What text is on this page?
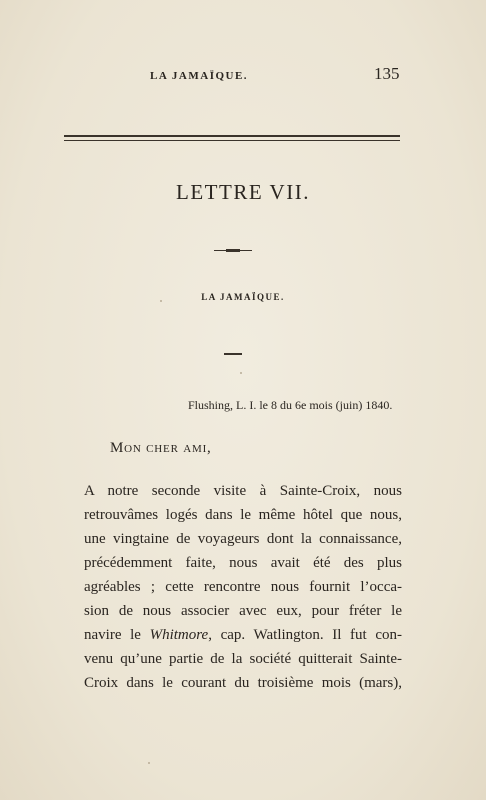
LA JAMAÏQUE.	135
LETTRE VII.
LA JAMAÏQUE.
Flushing, L. I. le 8 du 6e mois (juin) 1840.
Mon cher ami,
A notre seconde visite à Sainte-Croix, nous
retrouvâmes logés dans le même hôtel que nous,
une vingtaine de voyageurs dont la connaissance,
précédemment faite, nous avait été des plus
agréables ; cette rencontre nous fournit l’occa-
sion de nous associer avec eux, pour fréter le
navire le Whitmore, cap. Watlington. Il fut con-
venu qu’une partie de la société quitterait Sainte-
Croix dans le courant du troisième mois (mars),
